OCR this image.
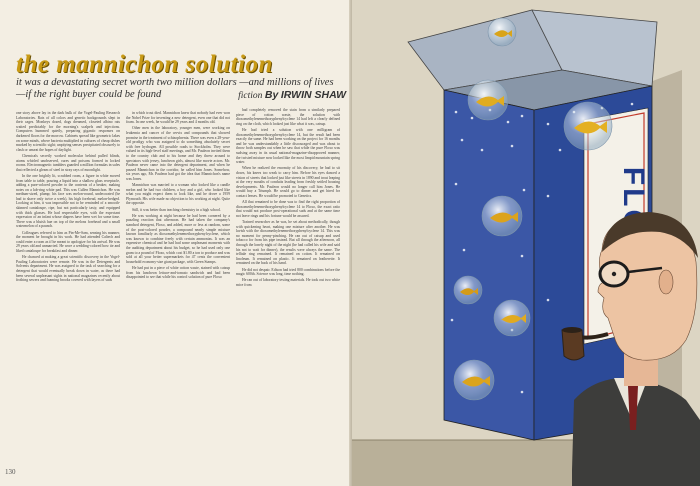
the mannichon solution
it was a devastating secret worth two million dollars —and millions of lives—if the right buyer could be found	fiction By IRWIN SHAW

one story above lay in the dark bulk of the Vogel-Pauling Research Laboratories. Rats of all colors and genetic backgrounds slept in their cages. Monkeys dozed, dogs dreamed, closeted albino rats waited predictably for the morning's scalpels and injections. Computers hummed quietly, preparing gigantic responses on darkened floors for the morrow. Cabinets spread like geometric lakes on some minds, where bacteria multiplied in cultures of cheap dishes marked by scientific sight; unpitying senses precipitated obscurely to clash or unseat the hopes of daylight.

Chemicals secretly worked molecular behind pulled blinds, atoms whirled unobserved, cures and poisons formed in locked rooms. Electromagnetic tumblers guarded a million formulas in safes that reflected a gleam of steel in stray rays of moonlight.

In the one brightly lit, scrubbed room, a figure in white moved from table to table, pouring a liquid into a shallow glass receptacle, adding a pure-colored powder to the contents of a beaker, making notes on a lab-ring white pad. This was Cullen Mannichon. He was medium-sized, plump; his face was melon-round, undecorated (he had to shave only twice a week), his high forehead, melon-hedged. Looking at him, it was impossible not to be reminded of a smooth-skinned cantaloupe, ripe, but not particularly tasty, and equipped with thick glasses. He had respectable eyes, with the expectant expression of an infant whose diapers have been wet for some time. There was a bluish hue on top of the melons forehead and a small watermelon of a paunch.

Colleagues referred to him as Pin-Me-Sam, sensing his manner, the moment he brought in his work. He had attended Caltech and could enter a room as if he meant to apologize for his arrival. He was 29 years old and unmarried. He wore a wedding-colored bow tie and liked cantaloupe for breakfast and dinner.

He chanced at making a great scientific discovery in the Vogel-Pauling Laboratories were remote. He was in the Detergents and Solvents department. He was assigned to the task of searching for a detergent that would eventually break down in water, as there had been several unpleasant sights in national magazines recently about frothing sewers and foaming brooks covered with layers of suds

in which trout died. Mannichon knew that nobody had ever won the Nobel Prize for inventing a new detergent, even one that did not foam. In one week, he would be 29 years and 4 months old.

Other men in the laboratory, younger men, were working on leukemia and cancer of the cervix and compounds that showed promise in the treatment of schizophrenia. There was even a 28-year-old prodigy who was assigned to do something absolutely secret with free hydrogen. All possible roads to Stockholm. They were valued in its high-level staff meetings, and Mr. Pauleon invited them to the country club and to his home and they threw around to spectators with jersey, luncheon girls, almost like movie actors. Mr. Pauleon never came into the detergent department, and when he passed Mannichon in the corridor, he called him Jones. Somehow, six years ago, Mr. Pauleon had got the idea that Mannichon's name was Jones.

Mannichon was married to a woman who looked like a candle melon and he had two children, a boy and a girl, who looked like what you might expect them to look like, and he drove a 1959 Plymouth. His wife made no objection to his working at night. Quite the opposite.

Still, it was better than teaching chemistry in a high school.

He was working at night because he had been cornered by a puzzling reaction that afternoon. He had taken the company's standard detergent, Floxo, and added, more or less at random, some of the post-colored powder, a compound nearly simple mixture known familiarly as dioxomethylenemethoxyphenylcyclene, which was known to combine freely with certain ammonias. It was an expensive chemical and he had had some unpleasant moments with the auditing department about his budget, so he had used only one gram to a pound of Floxo, which cost $1.80 a ton to produce and was sold at all your better supermarkets for 47 cents the convenient household economy-size giant package, with Green Stamps.

He had put in a piece of white cotton waste, stained with catsup from his luncheon lettuce-and-tomato sandwich and had been disappointed to see that while his control solution of pure Floxo

had completely removed the stain from a similarly prepared piece of cotton waste, the solution with dioxomethylenemethoxyphenylcyclene 14 had left a clearly defined ring on the cloth, which looked just like what it was, catsup.

He had tried a solution with one milligram of dioxomethylenemethoxyphenylcyclene 14, but the result had been exactly the same. He had been working on the project for 16 months and he was understandably a little discouraged and was about to throw both samples out when he saw that while the pure Floxo was sudsing away in its usual national-magazine-disapproved manner, the twisted mixture now looked like the most limpid mountain spring water.

When he realized the enormity of his discovery, he had to sit down, his knees too weak to carry him. Before his eyes danced a vision of streets that looked just like streets in 1890 and trout leaping at the very mouths of conduits leading from freshly settled housing developments. Mr. Pauleon would no longer call him Jones. He would buy a Triumph. He would go to dinner and get hired for contact lenses. He would be promoted to Genetics.

All that remained to be done was to find the right proportion of dioxomethylenemethoxyphenylcyclene 14 to Floxo, the exact ratio that would not produce post-operational suds and at the same time not leave rings and his fortune would be assured.

Trained researcher as he was, he set about methodically, though with quickening heart, making one mixture after another. He was lavish with the dioxomethylenemethoxyphenylcyclene 14. This was no moment for penny-pinching. He ran out of catsup and used tobacco for from his pipe instead. But all through the afternoon, all through the lonely night of the night (he had called his wife and said his not to wait for dinner), the results were always the same. The telltale ring remained. It remained on cotton. It remained on linoleum. It remained on plastic. It remained on leatherette. It remained on the back of his hand.

He did not despair. Edison had tried 800 combinations before the magic 600th. Science was long, time nothing.

He ran out of laboratory testing materials. He took out two white mice from

130
